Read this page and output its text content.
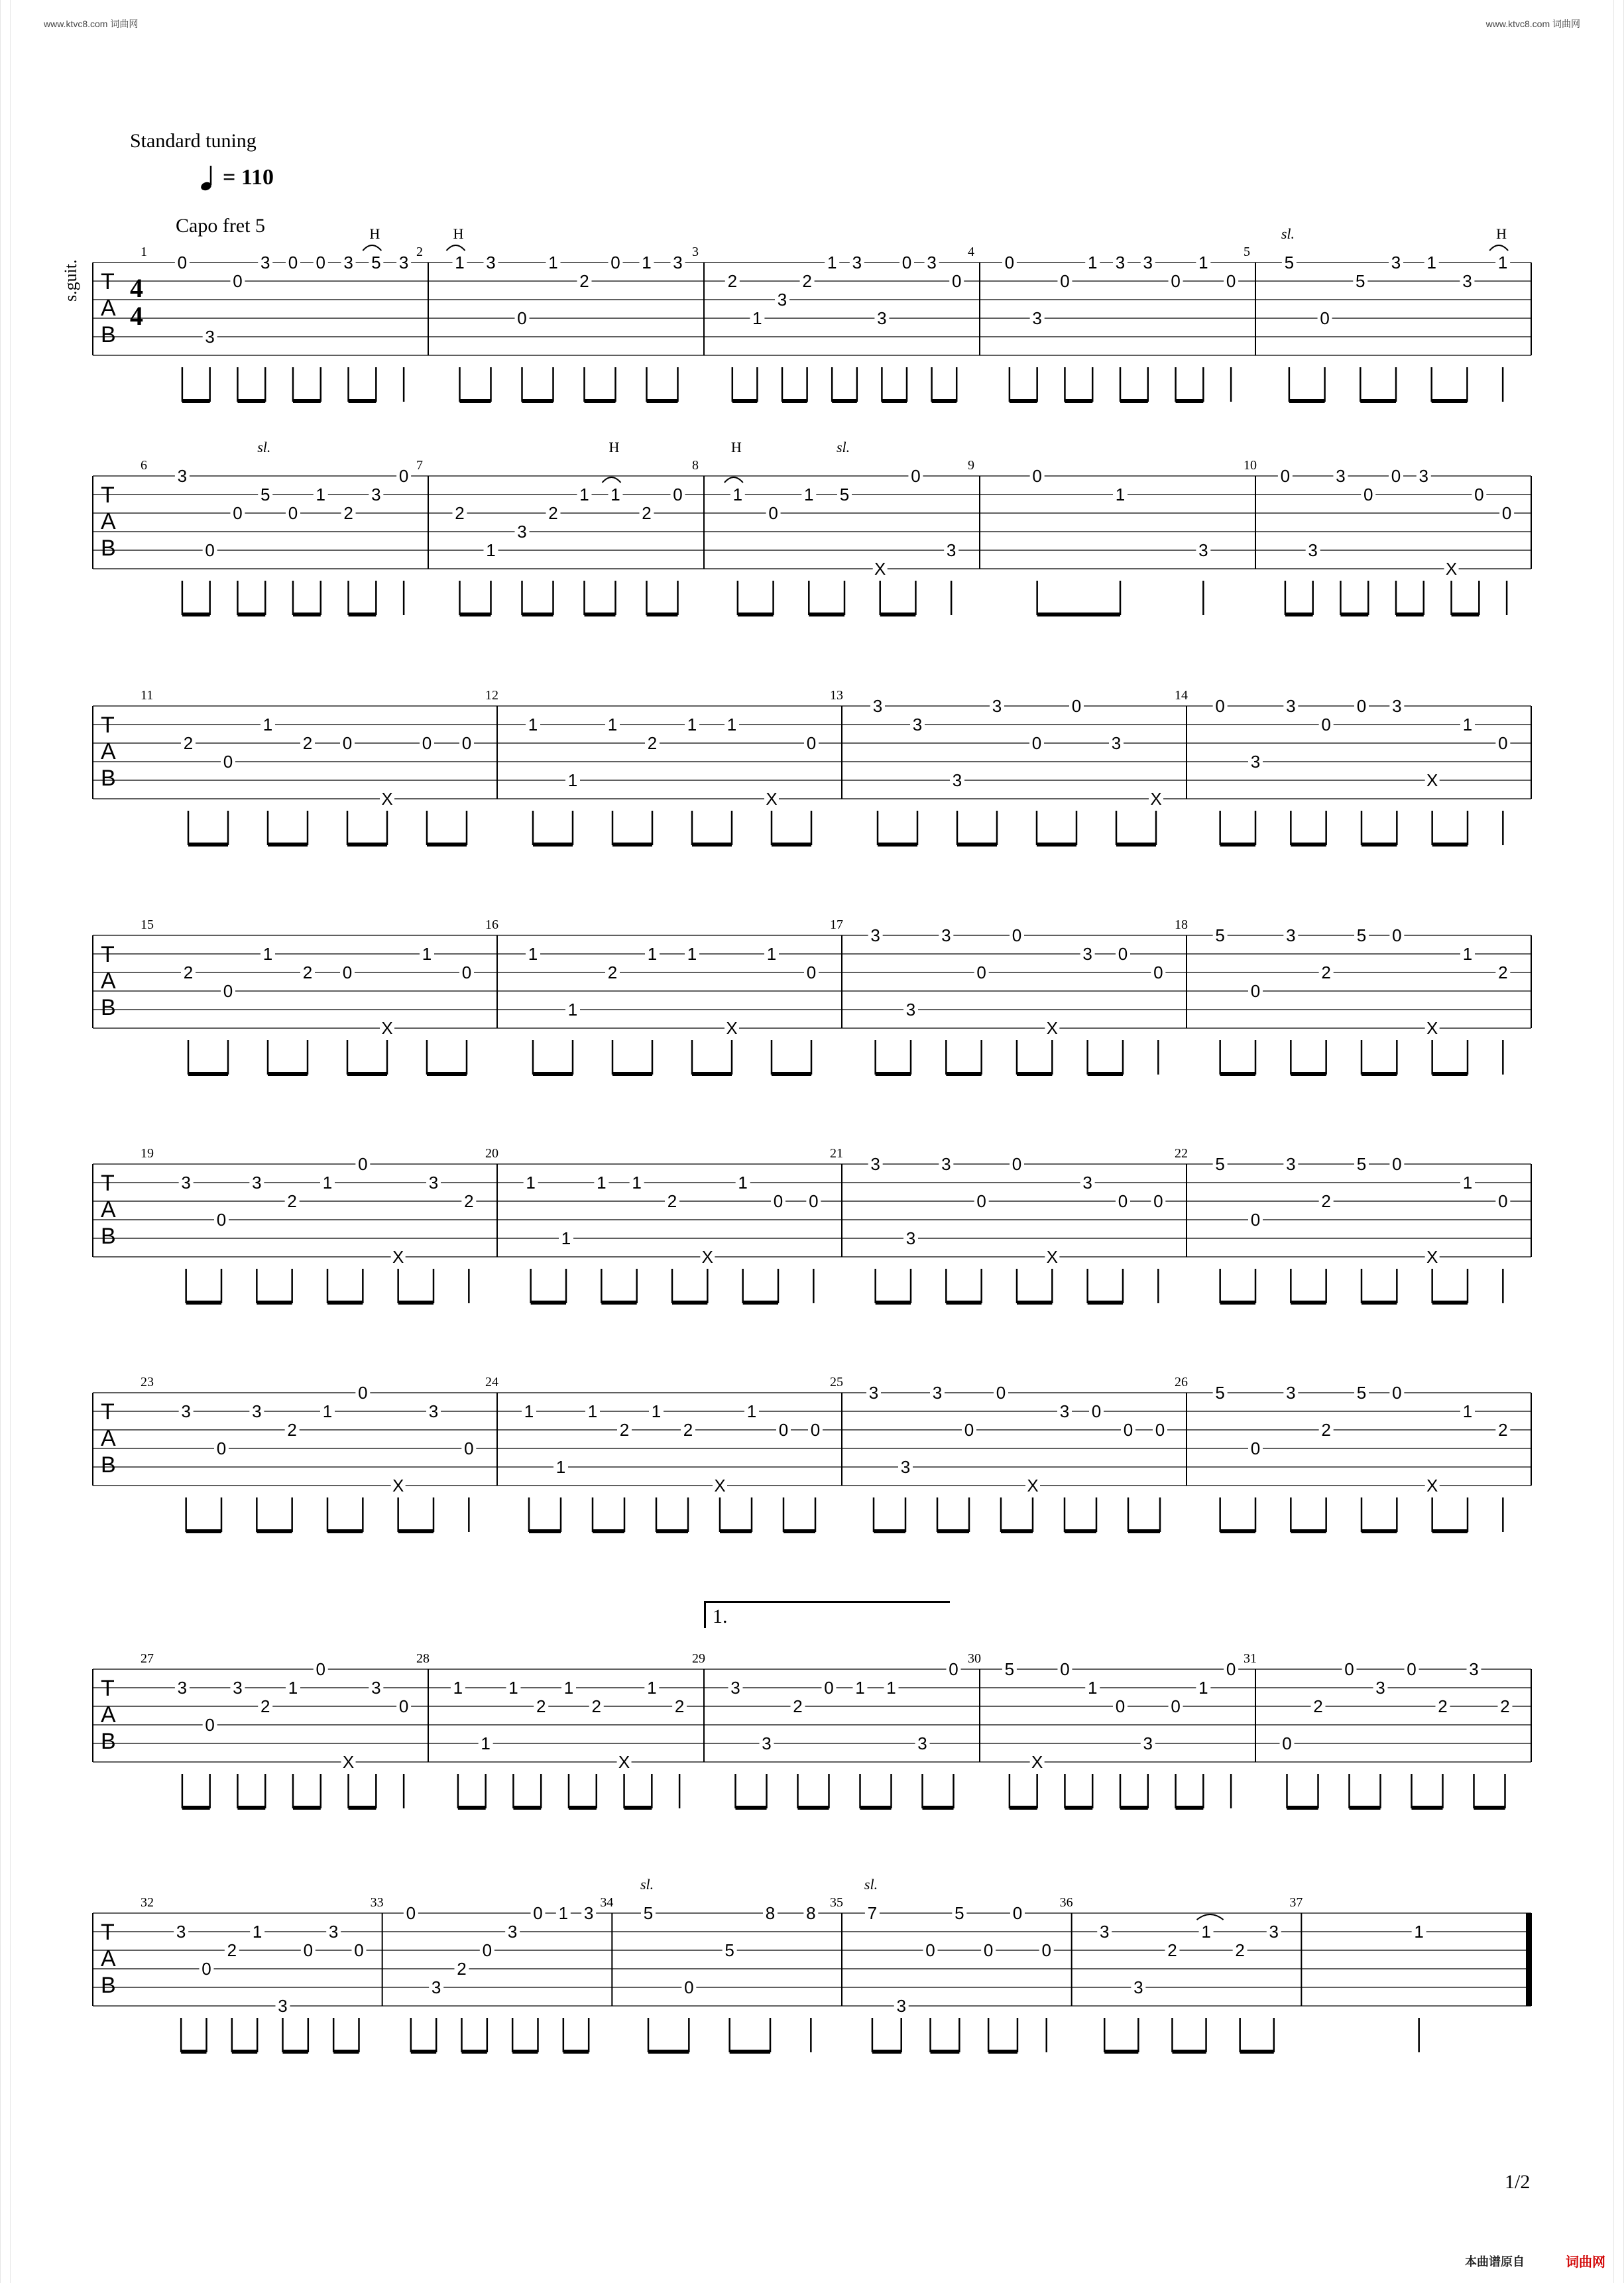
www.ktvc8.com 词曲网	www.ktvc8.com 词曲网
Standard tuning
= 110
Capo fret 5
s.guit. T
A
B
4
4
1
0
3
0
3 0 0 3 5
H
3
2
1
H
3
0
1
2
0 1 3
3
2
1
3
2
1 3
3
0 3
0
4
0
3
0
1 3 3
0
1
0
5
5
sl.
0
5
3 1
3
1
H
T
A
B
6
3
0
0
5
sl.
0
1
2
3
0
7
2
1
3
2
1 1
H
2
0
8
1
H
0
1 5
sl.
X
0
3
9
0
1
3
10
0
3
3
0
0 3
X
0
0
T
A
B
11
2
0
1
2 0
X
0 0
12
1
1
1
2
1 1
X
0
13
3
3
3
3
0
0
3
X
14
0
3
3
0
0 3
X
1
0
T
A
B
15
2
0
1
2 0
X
1
0
16
1
1
2
1 1
X
1
0
17
3
3
3
0
0
X
3 0
0
18
5
0
3
2
5 0
X
1
2
T
A
B
19
3
0
3
2
1
0
X
3
2
20
1
1
1 1
2
X
1
0 0
21
3
3
3
0
0
X
3
0 0
22
5
0
3
2
5 0
X
1
0
T
A
B
23
3
0
3
2
1
0
X
3
0
24
1
1
1
2
1
2
X
1
0 0
25
3
3
3
0
0
X
3 0
0 0
26
5
0
3
2
5 0
X
1
2
T
A
B
27
3
0
3
2
1
0
X
3
0
28
1
1
1
2
1
2
X
1
2
29
3
3
2
0 1 1
3
0
30
5
X
0
1
0
3
0
1
0
31
0
2
0
3
0
2
3
2
T
A
B
32
3
0
2
1
3
0
3
0
33
0
3
2
0
3
0 1 3
34
5
sl.
0
5
8 8
35
7
sl.
3
0
5
0
0
0
36
3
3
2
1
2
3
37
1
1.
1/2
本曲谱原自	词曲网
